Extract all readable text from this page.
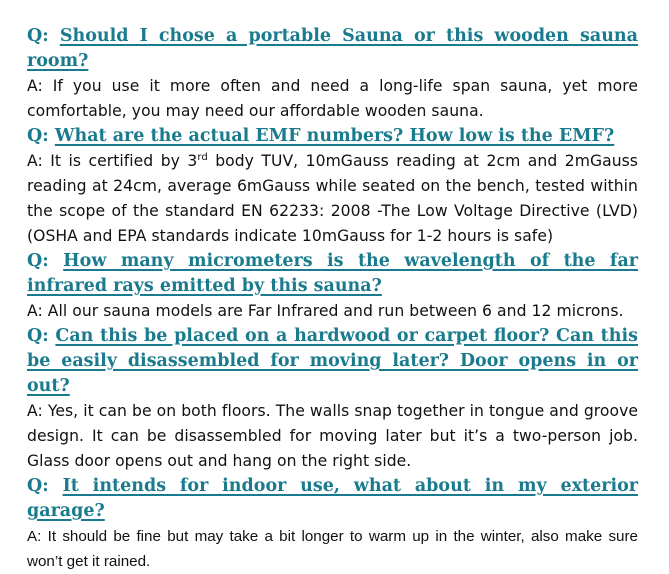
Q: Should I chose a portable Sauna or this wooden sauna room?
A: If you use it more often and need a long-life span sauna, yet more comfortable, you may need our affordable wooden sauna.
Q: What are the actual EMF numbers? How low is the EMF?
A: It is certified by 3rd body TUV, 10mGauss reading at 2cm and 2mGauss reading at 24cm, average 6mGauss while seated on the bench, tested within the scope of the standard EN 62233: 2008 -The Low Voltage Directive (LVD) (OSHA and EPA standards indicate 10mGauss for 1-2 hours is safe)
Q: How many micrometers is the wavelength of the far infrared rays emitted by this sauna?
A: All our sauna models are Far Infrared and run between 6 and 12 microns.
Q: Can this be placed on a hardwood or carpet floor? Can this be easily disassembled for moving later? Door opens in or out?
A: Yes, it can be on both floors. The walls snap together in tongue and groove design. It can be disassembled for moving later but it’s a two-person job. Glass door opens out and hang on the right side.
Q: It intends for indoor use, what about in my exterior garage?
A: It should be fine but may take a bit longer to warm up in the winter, also make sure won’t get it rained.
